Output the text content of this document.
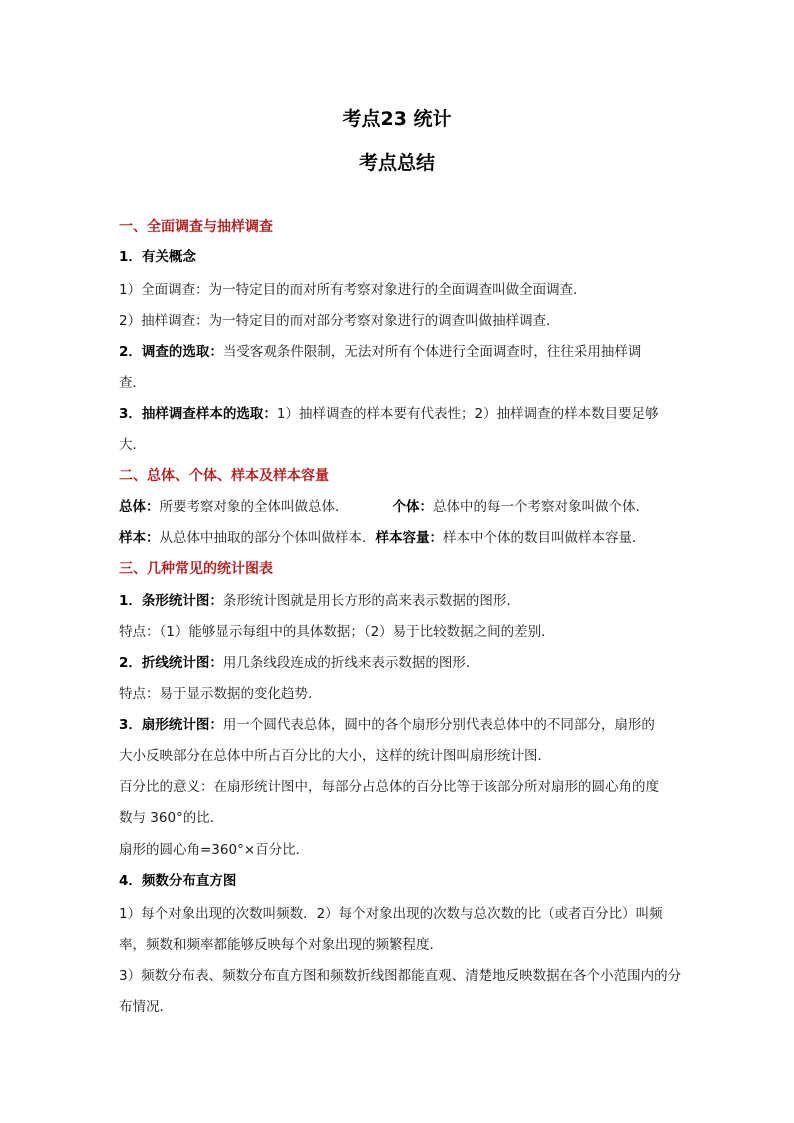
考点23 统计
考点总结
一、全面调查与抽样调查
1．有关概念
1）全面调查：为一特定目的而对所有考察对象进行的全面调查叫做全面调查．
2）抽样调查：为一特定目的而对部分考察对象进行的调查叫做抽样调查．
2．调查的选取：当受客观条件限制，无法对所有个体进行全面调查时，往往采用抽样调
查．
3．抽样调查样本的选取：1）抽样调查的样本要有代表性；2）抽样调查的样本数目要足够
大．
二、总体、个体、样本及样本容量
总体：所要考察对象的全体叫做总体．	个体：总体中的每一个考察对象叫做个体．
样本：从总体中抽取的部分个体叫做样本．样本容量：样本中个体的数目叫做样本容量．
三、几种常见的统计图表
1．条形统计图：条形统计图就是用长方形的高来表示数据的图形．
特点：（1）能够显示每组中的具体数据；（2）易于比较数据之间的差别．
2．折线统计图：用几条线段连成的折线来表示数据的图形．
特点：易于显示数据的变化趋势．
3．扇形统计图：用一个圆代表总体，圆中的各个扇形分别代表总体中的不同部分，扇形的
大小反映部分在总体中所占百分比的大小，这样的统计图叫扇形统计图．
百分比的意义：在扇形统计图中，每部分占总体的百分比等于该部分所对扇形的圆心角的度
数与 360°的比．
扇形的圆心角=360°×百分比．
4．频数分布直方图
1）每个对象出现的次数叫频数．2）每个对象出现的次数与总次数的比（或者百分比）叫频
率，频数和频率都能够反映每个对象出现的频繁程度．
3）频数分布表、频数分布直方图和频数折线图都能直观、清楚地反映数据在各个小范围内的分
布情况．
